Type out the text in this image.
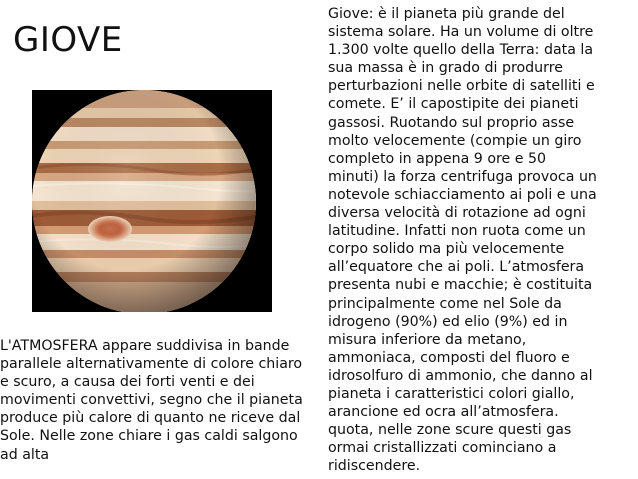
GIOVE
Giove: è il pianeta più grande del
sistema solare. Ha un volume di oltre
1.300 volte quello della Terra: data la
sua massa è in grado di produrre
perturbazioni nelle orbite di satelliti e
comete. E’ il capostipite dei pianeti
gassosi. Ruotando sul proprio asse
molto velocemente (compie un giro
completo in appena 9 ore e 50
minuti) la forza centrifuga provoca un
notevole schiacciamento ai poli e una
diversa velocità di rotazione ad ogni
latitudine. Infatti non ruota come un
corpo solido ma più velocemente
all’equatore che ai poli. L’atmosfera
presenta nubi e macchie; è costituita
principalmente come nel Sole da
idrogeno (90%) ed elio (9%) ed in
misura inferiore da metano,
ammoniaca, composti del fluoro e
idrosolfuro di ammonio, che danno al
pianeta i caratteristici colori giallo,
arancione ed ocra all’atmosfera.
quota, nelle zone scure questi gas
ormai cristallizzati cominciano a
ridiscendere.
L'ATMOSFERA appare suddivisa in bande
parallele alternativamente di colore chiaro
e scuro, a causa dei forti venti e dei
movimenti convettivi, segno che il pianeta
produce più calore di quanto ne riceve dal
Sole. Nelle zone chiare i gas caldi salgono
ad alta
